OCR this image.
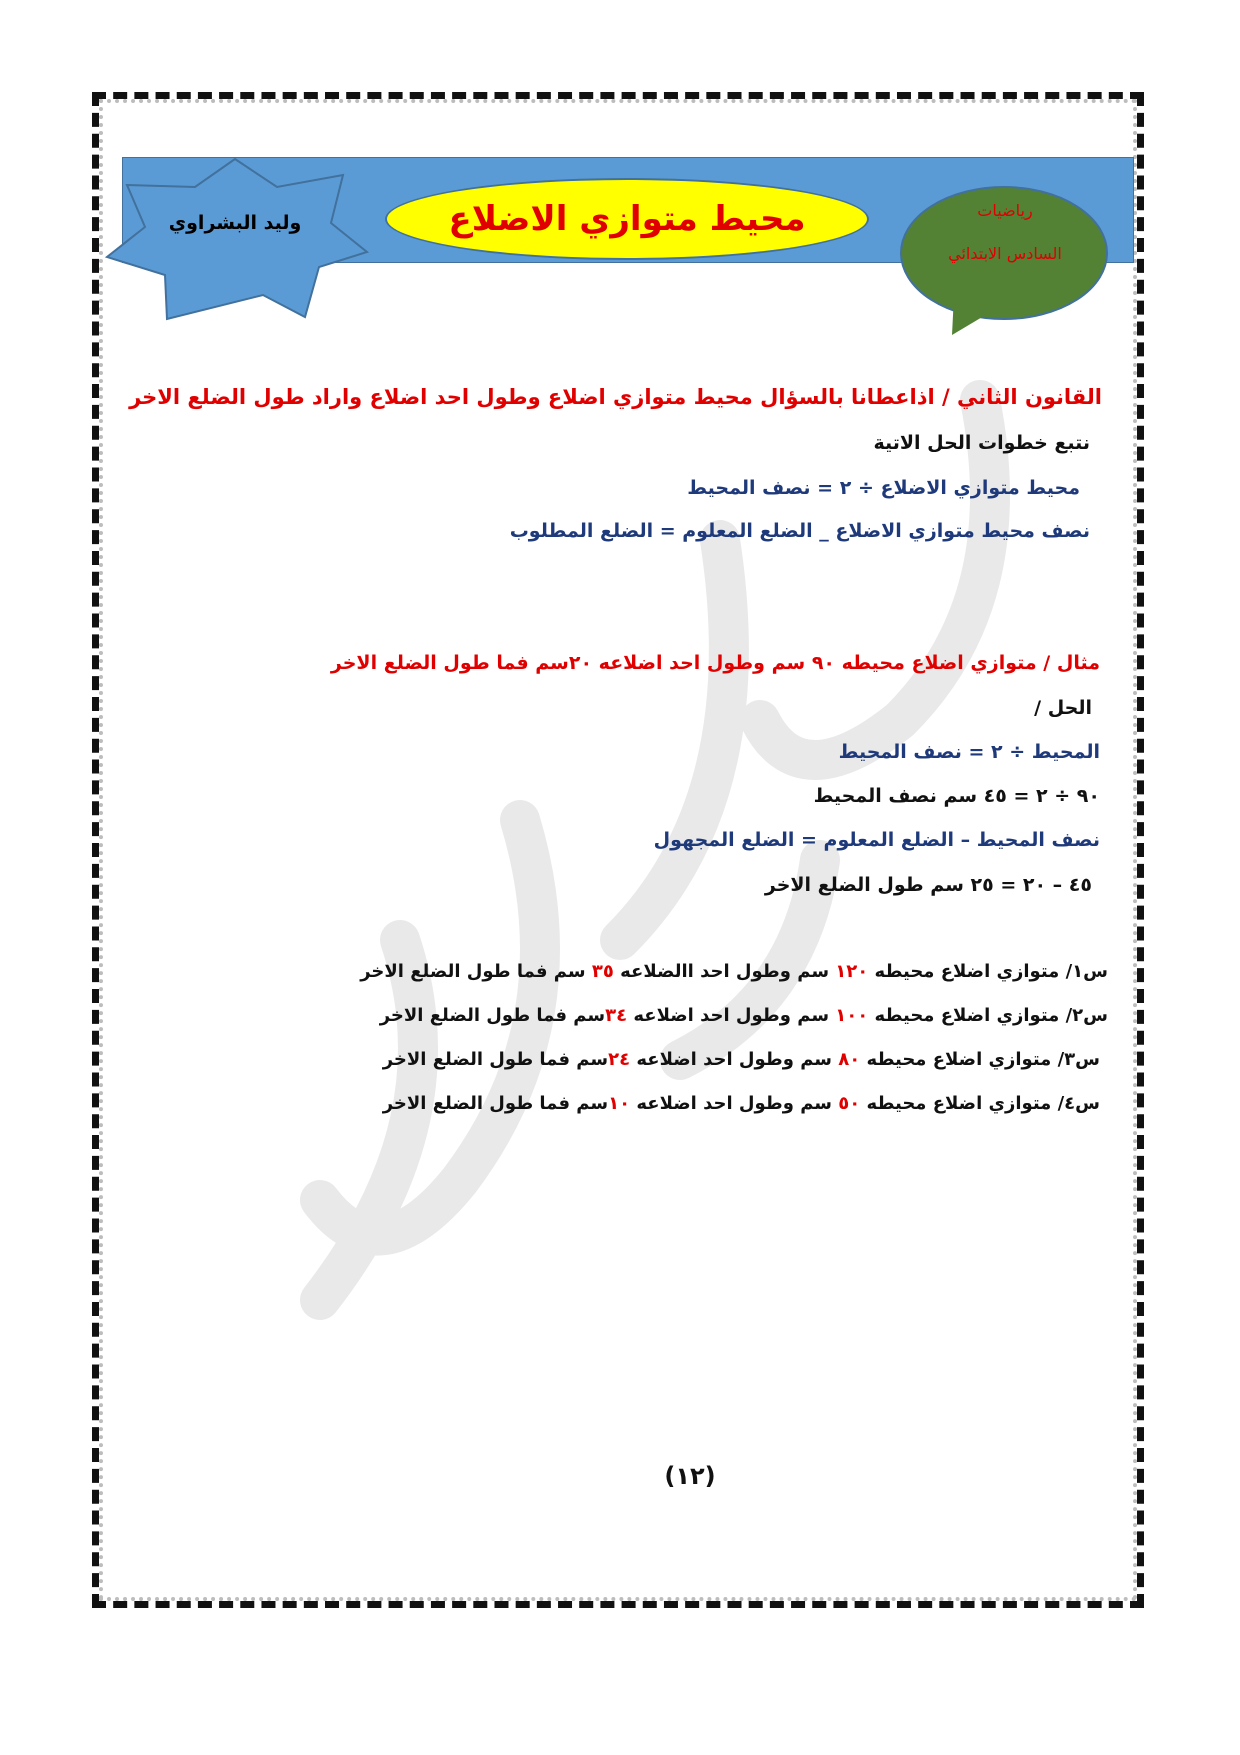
وليد البشراوي	محيط متوازي الاضلاع	رياضيات
السادس الابتدائي
القانون الثاني / اذاعطانا بالسؤال محيط متوازي اضلاع وطول احد اضلاع واراد طول الضلع الاخر
نتبع خطوات الحل الاتية
محيط متوازي الاضلاع ÷ ٢ = نصف المحيط
نصف محيط متوازي الاضلاع _ الضلع المعلوم = الضلع المطلوب
مثال / متوازي اضلاع محيطه ٩٠ سم وطول احد اضلاعه ٢٠سم فما طول الضلع الاخر
الحل /
المحيط ÷ ٢ = نصف المحيط
٩٠ ÷ ٢ = ٤٥ سم نصف المحيط
نصف المحيط – الضلع المعلوم = الضلع المجهول
٤٥ – ٢٠ = ٢٥ سم طول الضلع الاخر
س١/ متوازي اضلاع محيطه ١٢٠ سم وطول احد االضلاعه ٣٥ سم فما طول الضلع الاخر
س٢/ متوازي اضلاع محيطه ١٠٠ سم وطول احد اضلاعه ٣٤سم فما طول الضلع الاخر
س٣/ متوازي اضلاع محيطه ٨٠ سم وطول احد اضلاعه ٢٤سم فما طول الضلع الاخر
س٤/ متوازي اضلاع محيطه ٥٠ سم وطول احد اضلاعه ١٠سم فما طول الضلع الاخر
(١٢)
